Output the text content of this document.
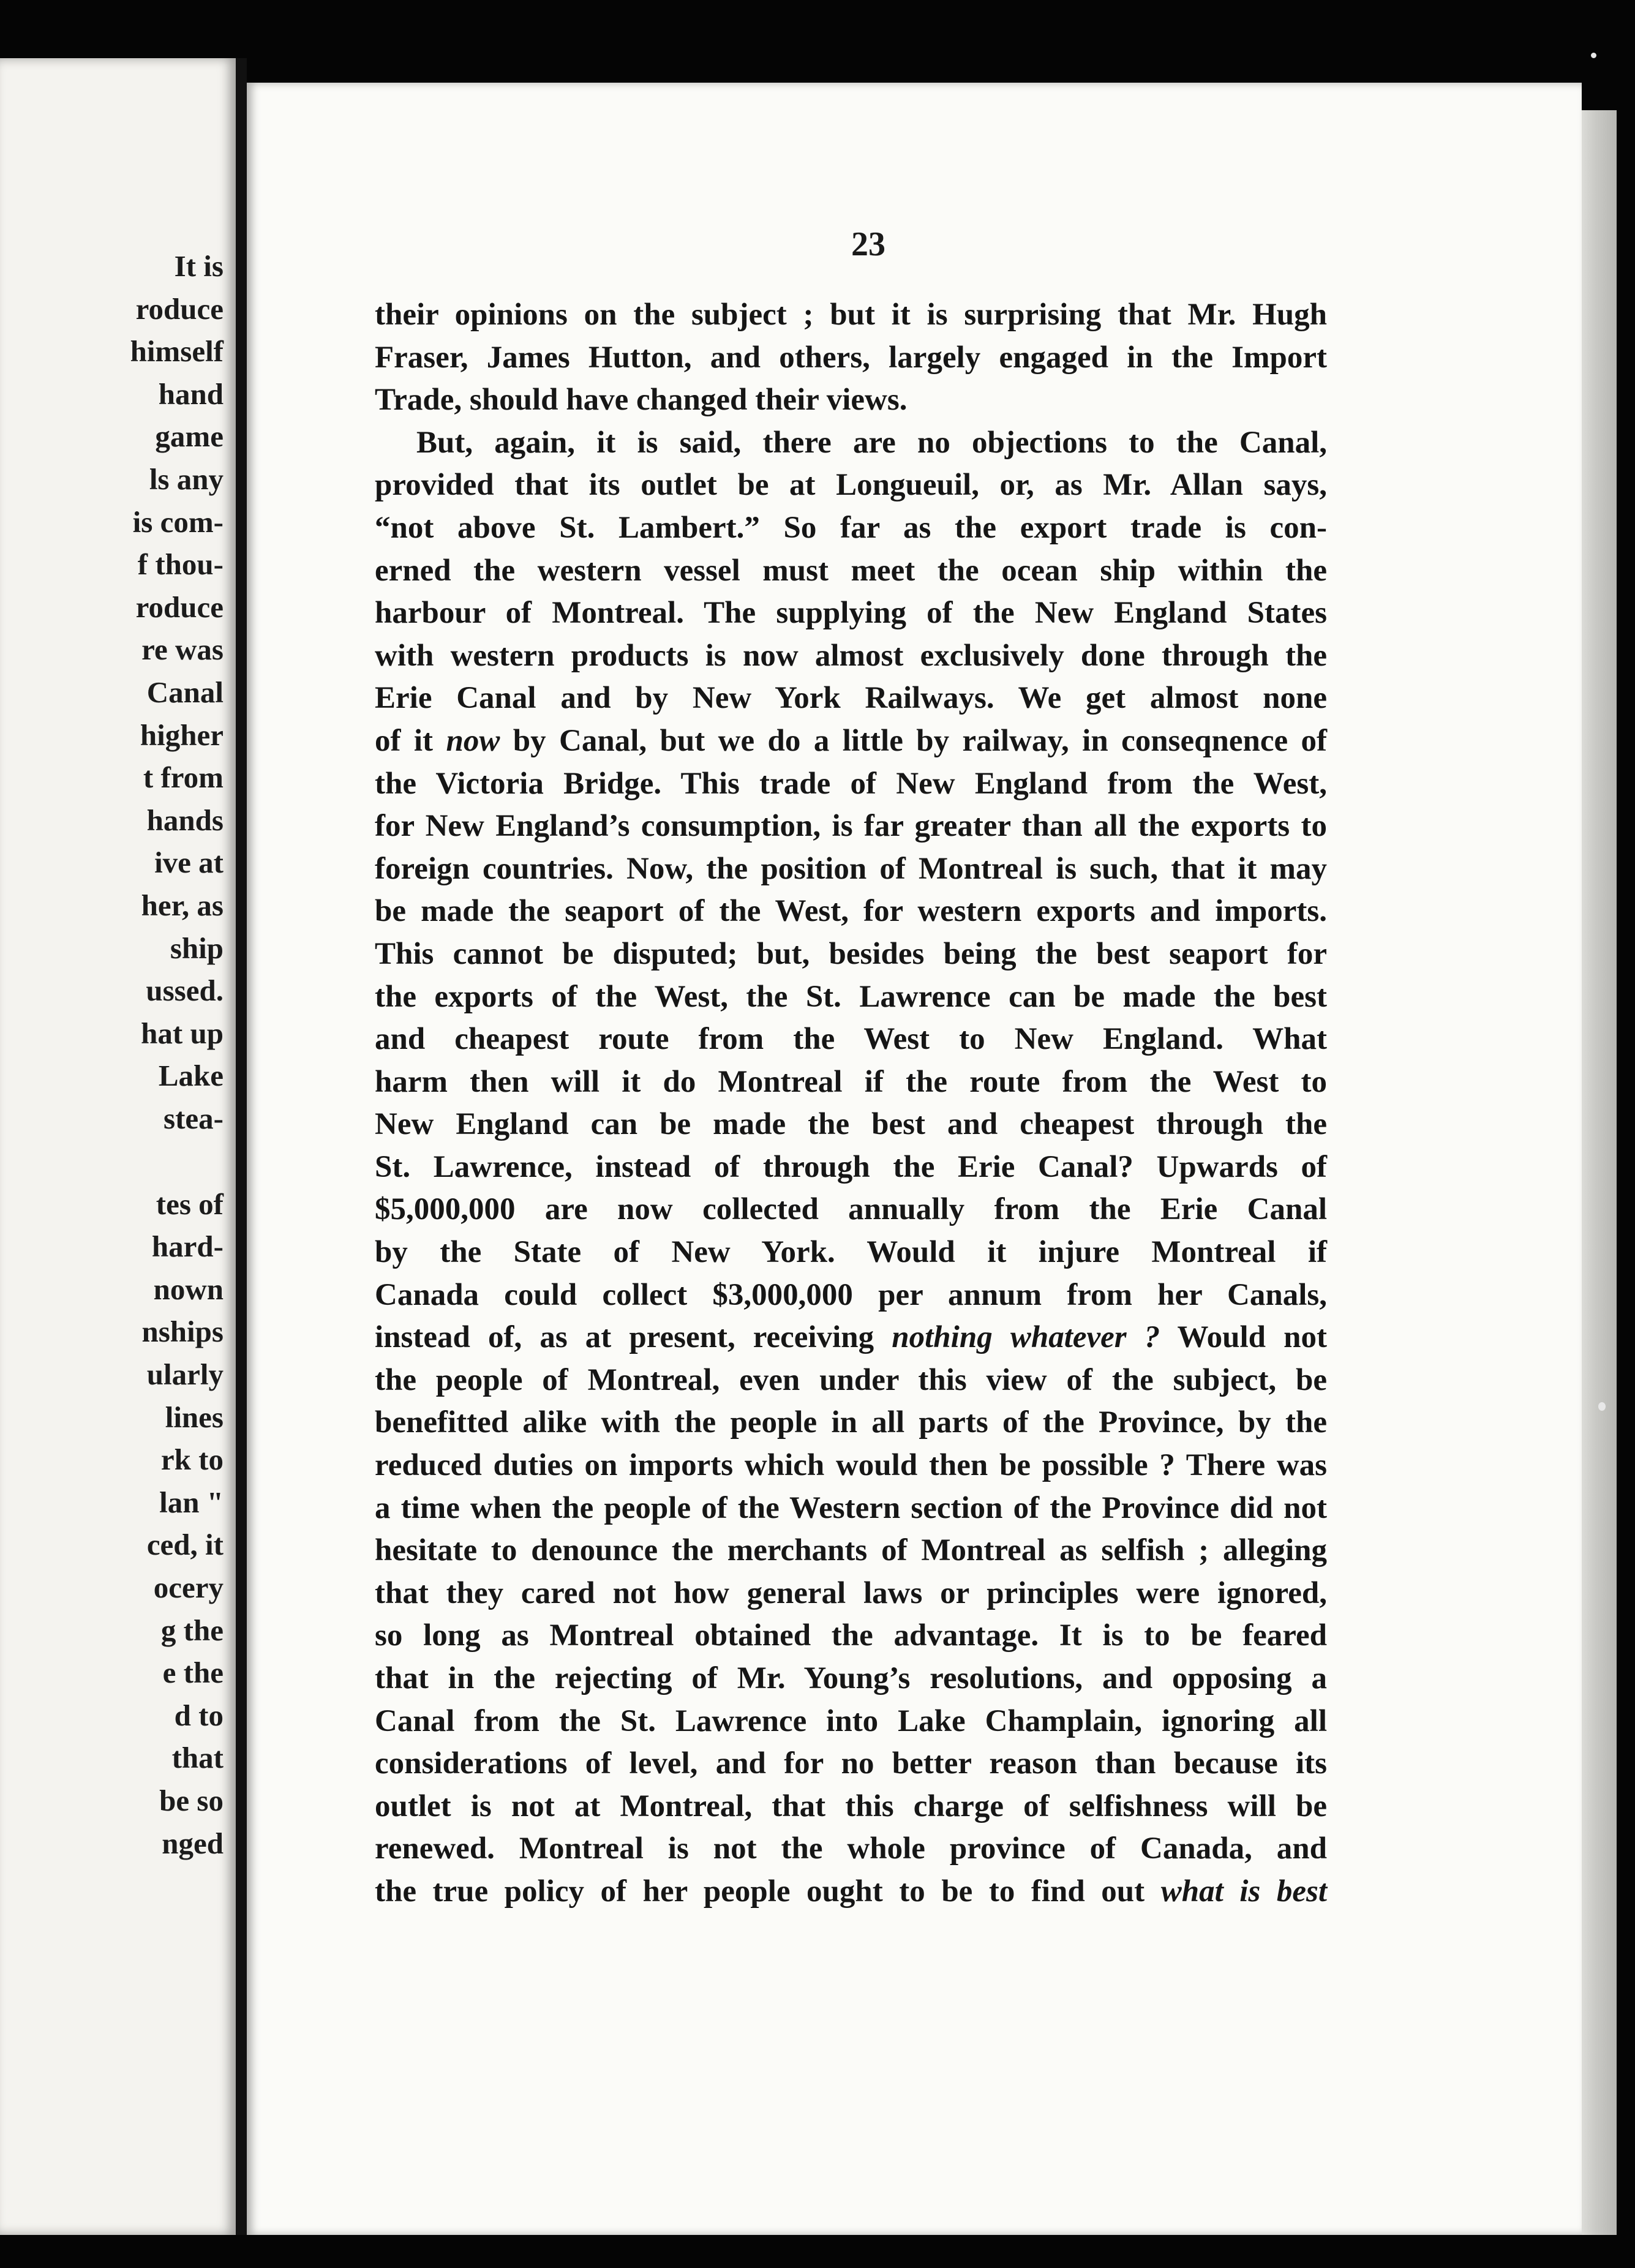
It is
roduce
himself
hand
game
ls any
is com-
f thou-
roduce
re was
Canal
higher
t from
hands
ive at
her, as
ship
ussed.
hat up
Lake
stea-
tes of
hard-
nown
nships
ularly
lines
rk to
lan "
ced, it
ocery
g the
e the
d to
that
be so
nged
23
their opinions on the subject ; but it is surprising that Mr. Hugh
Fraser, James Hutton, and others, largely engaged in the Import
Trade, should have changed their views.
But, again, it is said, there are no objections to the Canal,
provided that its outlet be at Longueuil, or, as Mr. Allan says,
“not above St. Lambert.” So far as the export trade is con-
erned the western vessel must meet the ocean ship within the
harbour of Montreal. The supplying of the New England States
with western products is now almost exclusively done through the
Erie Canal and by New York Railways. We get almost none
of it now by Canal, but we do a little by railway, in conseqnence of
the Victoria Bridge. This trade of New England from the West,
for New England’s consumption, is far greater than all the exports to
foreign countries. Now, the position of Montreal is such, that it may
be made the seaport of the West, for western exports and imports.
This cannot be disputed; but, besides being the best seaport for
the exports of the West, the St. Lawrence can be made the best
and cheapest route from the West to New England. What
harm then will it do Montreal if the route from the West to
New England can be made the best and cheapest through the
St. Lawrence, instead of through the Erie Canal? Upwards of
$5,000,000 are now collected annually from the Erie Canal
by the State of New York. Would it injure Montreal if
Canada could collect $3,000,000 per annum from her Canals,
instead of, as at present, receiving nothing whatever ? Would not
the people of Montreal, even under this view of the subject, be
benefitted alike with the people in all parts of the Province, by the
reduced duties on imports which would then be possible ? There was
a time when the people of the Western section of the Province did not
hesitate to denounce the merchants of Montreal as selfish ; alleging
that they cared not how general laws or principles were ignored,
so long as Montreal obtained the advantage. It is to be feared
that in the rejecting of Mr. Young’s resolutions, and opposing a
Canal from the St. Lawrence into Lake Champlain, ignoring all
considerations of level, and for no better reason than because its
outlet is not at Montreal, that this charge of selfishness will be
renewed. Montreal is not the whole province of Canada, and
the true policy of her people ought to be to find out what is best
